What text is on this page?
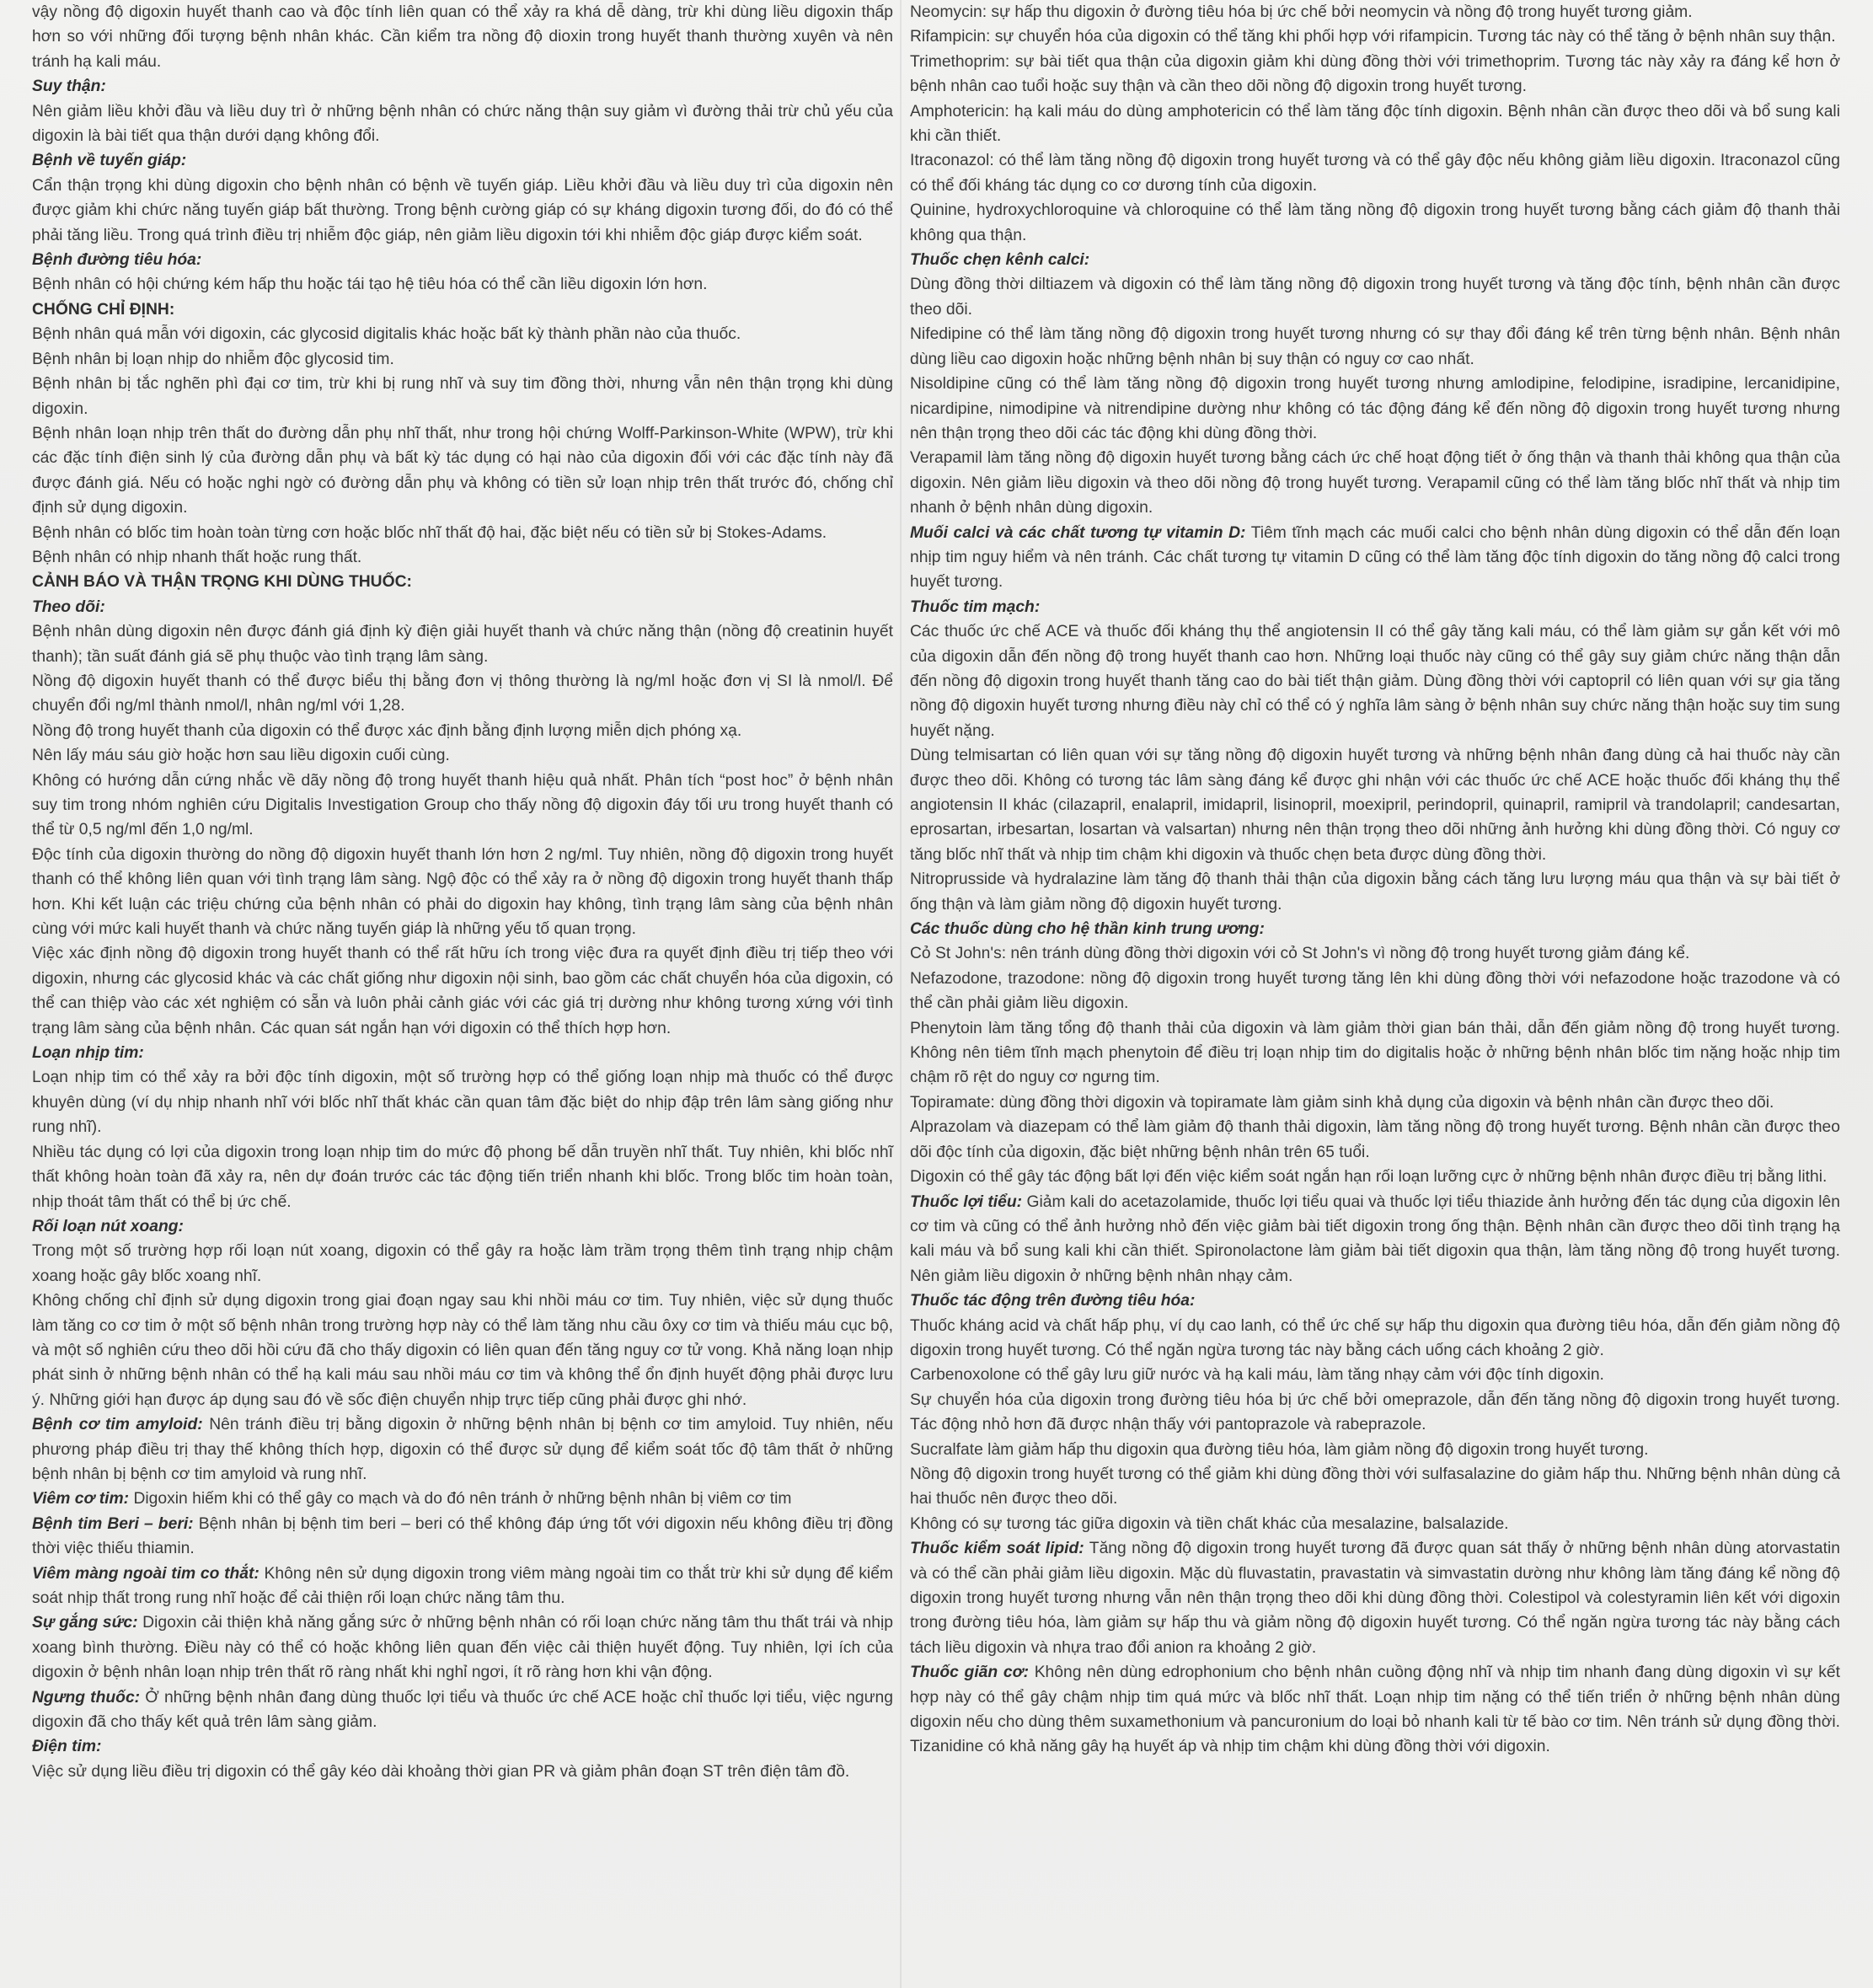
vậy nồng độ digoxin huyết thanh cao và độc tính liên quan có thể xảy ra khá dễ dàng, trừ khi dùng liều digoxin thấp hơn so với những đối tượng bệnh nhân khác. Cần kiểm tra nồng độ dioxin trong huyết thanh thường xuyên và nên tránh hạ kali máu.

Suy thận:

Nên giảm liều khởi đầu và liều duy trì ở những bệnh nhân có chức năng thận suy giảm vì đường thải trừ chủ yếu của digoxin là bài tiết qua thận dưới dạng không đổi.

Bệnh về tuyến giáp:

Cẩn thận trọng khi dùng digoxin cho bệnh nhân có bệnh về tuyến giáp. Liều khởi đầu và liều duy trì của digoxin nên được giảm khi chức năng tuyến giáp bất thường. Trong bệnh cường giáp có sự kháng digoxin tương đối, do đó có thể phải tăng liều. Trong quá trình điều trị nhiễm độc giáp, nên giảm liều digoxin tới khi nhiễm độc giáp được kiểm soát.

Bệnh đường tiêu hóa:

Bệnh nhân có hội chứng kém hấp thu hoặc tái tạo hệ tiêu hóa có thể cần liều digoxin lớn hơn.

CHỐNG CHỈ ĐỊNH:

Bệnh nhân quá mẫn với digoxin, các glycosid digitalis khác hoặc bất kỳ thành phần nào của thuốc.

Bệnh nhân bị loạn nhịp do nhiễm độc glycosid tim.

Bệnh nhân bị tắc nghẽn phì đại cơ tim, trừ khi bị rung nhĩ và suy tim đồng thời, nhưng vẫn nên thận trọng khi dùng digoxin.

Bệnh nhân loạn nhịp trên thất do đường dẫn phụ nhĩ thất, như trong hội chứng Wolff-Parkinson-White (WPW), trừ khi các đặc tính điện sinh lý của đường dẫn phụ và bất kỳ tác dụng có hại nào của digoxin đối với các đặc tính này đã được đánh giá. Nếu có hoặc nghi ngờ có đường dẫn phụ và không có tiền sử loạn nhịp trên thất trước đó, chống chỉ định sử dụng digoxin.

Bệnh nhân có blốc tim hoàn toàn từng cơn hoặc blốc nhĩ thất độ hai, đặc biệt nếu có tiền sử bị Stokes-Adams.

Bệnh nhân có nhịp nhanh thất hoặc rung thất.

CẢNH BÁO VÀ THẬN TRỌNG KHI DÙNG THUỐC:

Theo dõi:

Bệnh nhân dùng digoxin nên được đánh giá định kỳ điện giải huyết thanh và chức năng thận (nồng độ creatinin huyết thanh); tần suất đánh giá sẽ phụ thuộc vào tình trạng lâm sàng.

Nồng độ digoxin huyết thanh có thể được biểu thị bằng đơn vị thông thường là ng/ml hoặc đơn vị SI là nmol/l. Để chuyển đổi ng/ml thành nmol/l, nhân ng/ml với 1,28.

Nồng độ trong huyết thanh của digoxin có thể được xác định bằng định lượng miễn dịch phóng xạ.

Nên lấy máu sáu giờ hoặc hơn sau liều digoxin cuối cùng.

Không có hướng dẫn cứng nhắc về dãy nồng độ trong huyết thanh hiệu quả nhất. Phân tích “post hoc” ở bệnh nhân suy tim trong nhóm nghiên cứu Digitalis Investigation Group cho thấy nồng độ digoxin đáy tối ưu trong huyết thanh có thể từ 0,5 ng/ml đến 1,0 ng/ml.

Độc tính của digoxin thường do nồng độ digoxin huyết thanh lớn hơn 2 ng/ml. Tuy nhiên, nồng độ digoxin trong huyết thanh có thể không liên quan với tình trạng lâm sàng. Ngộ độc có thể xảy ra ở nồng độ digoxin trong huyết thanh thấp hơn. Khi kết luận các triệu chứng của bệnh nhân có phải do digoxin hay không, tình trạng lâm sàng của bệnh nhân cùng với mức kali huyết thanh và chức năng tuyến giáp là những yếu tố quan trọng.

Việc xác định nồng độ digoxin trong huyết thanh có thể rất hữu ích trong việc đưa ra quyết định điều trị tiếp theo với digoxin, nhưng các glycosid khác và các chất giống như digoxin nội sinh, bao gồm các chất chuyển hóa của digoxin, có thể can thiệp vào các xét nghiệm có sẵn và luôn phải cảnh giác với các giá trị dường như không tương xứng với tình trạng lâm sàng của bệnh nhân. Các quan sát ngắn hạn với digoxin có thể thích hợp hơn.

Loạn nhịp tim:

Loạn nhịp tim có thể xảy ra bởi độc tính digoxin, một số trường hợp có thể giống loạn nhịp mà thuốc có thể được khuyên dùng (ví dụ nhịp nhanh nhĩ với blốc nhĩ thất khác cần quan tâm đặc biệt do nhịp đập trên lâm sàng giống như rung nhĩ).

Nhiều tác dụng có lợi của digoxin trong loạn nhịp tim do mức độ phong bế dẫn truyền nhĩ thất. Tuy nhiên, khi blốc nhĩ thất không hoàn toàn đã xảy ra, nên dự đoán trước các tác động tiến triển nhanh khi blốc. Trong blốc tim hoàn toàn, nhịp thoát tâm thất có thể bị ức chế.

Rối loạn nút xoang:

Trong một số trường hợp rối loạn nút xoang, digoxin có thể gây ra hoặc làm trầm trọng thêm tình trạng nhịp chậm xoang hoặc gây blốc xoang nhĩ.

Không chống chỉ định sử dụng digoxin trong giai đoạn ngay sau khi nhồi máu cơ tim. Tuy nhiên, việc sử dụng thuốc làm tăng co cơ tim ở một số bệnh nhân trong trường hợp này có thể làm tăng nhu cầu ôxy cơ tim và thiếu máu cục bộ, và một số nghiên cứu theo dõi hồi cứu đã cho thấy digoxin có liên quan đến tăng nguy cơ tử vong. Khả năng loạn nhịp phát sinh ở những bệnh nhân có thể hạ kali máu sau nhồi máu cơ tim và không thể ổn định huyết động phải được lưu ý. Những giới hạn được áp dụng sau đó về sốc điện chuyển nhịp trực tiếp cũng phải được ghi nhớ.

Bệnh cơ tim amyloid: Nên tránh điều trị bằng digoxin ở những bệnh nhân bị bệnh cơ tim amyloid. Tuy nhiên, nếu phương pháp điều trị thay thế không thích hợp, digoxin có thể được sử dụng để kiểm soát tốc độ tâm thất ở những bệnh nhân bị bệnh cơ tim amyloid và rung nhĩ.

Viêm cơ tim: Digoxin hiếm khi có thể gây co mạch và do đó nên tránh ở những bệnh nhân bị viêm cơ tim

Bệnh tim Beri – beri: Bệnh nhân bị bệnh tim beri – beri có thể không đáp ứng tốt với digoxin nếu không điều trị đồng thời việc thiếu thiamin.

Viêm màng ngoài tim co thắt: Không nên sử dụng digoxin trong viêm màng ngoài tim co thắt trừ khi sử dụng để kiểm soát nhịp thất trong rung nhĩ hoặc để cải thiện rối loạn chức năng tâm thu.

Sự gắng sức: Digoxin cải thiện khả năng gắng sức ở những bệnh nhân có rối loạn chức năng tâm thu thất trái và nhịp xoang bình thường. Điều này có thể có hoặc không liên quan đến việc cải thiện huyết động. Tuy nhiên, lợi ích của digoxin ở bệnh nhân loạn nhịp trên thất rõ ràng nhất khi nghỉ ngơi, ít rõ ràng hơn khi vận động.

Ngưng thuốc: Ở những bệnh nhân đang dùng thuốc lợi tiểu và thuốc ức chế ACE hoặc chỉ thuốc lợi tiểu, việc ngưng digoxin đã cho thấy kết quả trên lâm sàng giảm.

Điện tim:

Việc sử dụng liều điều trị digoxin có thể gây kéo dài khoảng thời gian PR và giảm phân đoạn ST trên điện tâm đồ.

Neomycin: sự hấp thu digoxin ở đường tiêu hóa bị ức chế bởi neomycin và nồng độ trong huyết tương giảm.

Rifampicin: sự chuyển hóa của digoxin có thể tăng khi phối hợp với rifampicin. Tương tác này có thể tăng ở bệnh nhân suy thận.

Trimethoprim: sự bài tiết qua thận của digoxin giảm khi dùng đồng thời với trimethoprim. Tương tác này xảy ra đáng kể hơn ở bệnh nhân cao tuổi hoặc suy thận và cần theo dõi nồng độ digoxin trong huyết tương.

Amphotericin: hạ kali máu do dùng amphotericin có thể làm tăng độc tính digoxin. Bệnh nhân cần được theo dõi và bổ sung kali khi cần thiết.

Itraconazol: có thể làm tăng nồng độ digoxin trong huyết tương và có thể gây độc nếu không giảm liều digoxin. Itraconazol cũng có thể đối kháng tác dụng co cơ dương tính của digoxin.

Quinine, hydroxychloroquine và chloroquine có thể làm tăng nồng độ digoxin trong huyết tương bằng cách giảm độ thanh thải không qua thận.

Thuốc chẹn kênh calci:

Dùng đồng thời diltiazem và digoxin có thể làm tăng nồng độ digoxin trong huyết tương và tăng độc tính, bệnh nhân cần được theo dõi.

Nifedipine có thể làm tăng nồng độ digoxin trong huyết tương nhưng có sự thay đổi đáng kể trên từng bệnh nhân. Bệnh nhân dùng liều cao digoxin hoặc những bệnh nhân bị suy thận có nguy cơ cao nhất.

Nisoldipine cũng có thể làm tăng nồng độ digoxin trong huyết tương nhưng amlodipine, felodipine, isradipine, lercanidipine, nicardipine, nimodipine và nitrendipine dường như không có tác động đáng kể đến nồng độ digoxin trong huyết tương nhưng nên thận trọng theo dõi các tác động khi dùng đồng thời.

Verapamil làm tăng nồng độ digoxin huyết tương bằng cách ức chế hoạt động tiết ở ống thận và thanh thải không qua thận của digoxin. Nên giảm liều digoxin và theo dõi nồng độ trong huyết tương. Verapamil cũng có thể làm tăng blốc nhĩ thất và nhịp tim nhanh ở bệnh nhân dùng digoxin.

Muối calci và các chất tương tự vitamin D: Tiêm tĩnh mạch các muối calci cho bệnh nhân dùng digoxin có thể dẫn đến loạn nhịp tim nguy hiểm và nên tránh. Các chất tương tự vitamin D cũng có thể làm tăng độc tính digoxin do tăng nồng độ calci trong huyết tương.

Thuốc tim mạch:

Các thuốc ức chế ACE và thuốc đối kháng thụ thể angiotensin II có thể gây tăng kali máu, có thể làm giảm sự gắn kết với mô của digoxin dẫn đến nồng độ trong huyết thanh cao hơn. Những loại thuốc này cũng có thể gây suy giảm chức năng thận dẫn đến nồng độ digoxin trong huyết thanh tăng cao do bài tiết thận giảm. Dùng đồng thời với captopril có liên quan với sự gia tăng nồng độ digoxin huyết tương nhưng điều này chỉ có thể có ý nghĩa lâm sàng ở bệnh nhân suy chức năng thận hoặc suy tim sung huyết nặng.

Dùng telmisartan có liên quan với sự tăng nồng độ digoxin huyết tương và những bệnh nhân đang dùng cả hai thuốc này cần được theo dõi. Không có tương tác lâm sàng đáng kể được ghi nhận với các thuốc ức chế ACE hoặc thuốc đối kháng thụ thể angiotensin II khác (cilazapril, enalapril, imidapril, lisinopril, moexipril, perindopril, quinapril, ramipril và trandolapril; candesartan, eprosartan, irbesartan, losartan và valsartan) nhưng nên thận trọng theo dõi những ảnh hưởng khi dùng đồng thời. Có nguy cơ tăng blốc nhĩ thất và nhịp tim chậm khi digoxin và thuốc chẹn beta được dùng đồng thời.

Nitroprusside và hydralazine làm tăng độ thanh thải thận của digoxin bằng cách tăng lưu lượng máu qua thận và sự bài tiết ở ống thận và làm giảm nồng độ digoxin huyết tương.

Các thuốc dùng cho hệ thần kinh trung ương:

Cỏ St John's: nên tránh dùng đồng thời digoxin với cỏ St John's vì nồng độ trong huyết tương giảm đáng kể.

Nefazodone, trazodone: nồng độ digoxin trong huyết tương tăng lên khi dùng đồng thời với nefazodone hoặc trazodone và có thể cần phải giảm liều digoxin.

Phenytoin làm tăng tổng độ thanh thải của digoxin và làm giảm thời gian bán thải, dẫn đến giảm nồng độ trong huyết tương. Không nên tiêm tĩnh mạch phenytoin để điều trị loạn nhịp tim do digitalis hoặc ở những bệnh nhân blốc tim nặng hoặc nhịp tim chậm rõ rệt do nguy cơ ngưng tim.

Topiramate: dùng đồng thời digoxin và topiramate làm giảm sinh khả dụng của digoxin và bệnh nhân cần được theo dõi.

Alprazolam và diazepam có thể làm giảm độ thanh thải digoxin, làm tăng nồng độ trong huyết tương. Bệnh nhân cần được theo dõi độc tính của digoxin, đặc biệt những bệnh nhân trên 65 tuổi.

Digoxin có thể gây tác động bất lợi đến việc kiểm soát ngắn hạn rối loạn lưỡng cực ở những bệnh nhân được điều trị bằng lithi.

Thuốc lợi tiểu: Giảm kali do acetazolamide, thuốc lợi tiểu quai và thuốc lợi tiểu thiazide ảnh hưởng đến tác dụng của digoxin lên cơ tim và cũng có thể ảnh hưởng nhỏ đến việc giảm bài tiết digoxin trong ống thận. Bệnh nhân cần được theo dõi tình trạng hạ kali máu và bổ sung kali khi cần thiết. Spironolactone làm giảm bài tiết digoxin qua thận, làm tăng nồng độ trong huyết tương. Nên giảm liều digoxin ở những bệnh nhân nhạy cảm.

Thuốc tác động trên đường tiêu hóa:

Thuốc kháng acid và chất hấp phụ, ví dụ cao lanh, có thể ức chế sự hấp thu digoxin qua đường tiêu hóa, dẫn đến giảm nồng độ digoxin trong huyết tương. Có thể ngăn ngừa tương tác này bằng cách uống cách khoảng 2 giờ.

Carbenoxolone có thể gây lưu giữ nước và hạ kali máu, làm tăng nhạy cảm với độc tính digoxin.

Sự chuyển hóa của digoxin trong đường tiêu hóa bị ức chế bởi omeprazole, dẫn đến tăng nồng độ digoxin trong huyết tương. Tác động nhỏ hơn đã được nhận thấy với pantoprazole và rabeprazole.

Sucralfate làm giảm hấp thu digoxin qua đường tiêu hóa, làm giảm nồng độ digoxin trong huyết tương.

Nồng độ digoxin trong huyết tương có thể giảm khi dùng đồng thời với sulfasalazine do giảm hấp thu. Những bệnh nhân dùng cả hai thuốc nên được theo dõi.

Không có sự tương tác giữa digoxin và tiền chất khác của mesalazine, balsalazide.

Thuốc kiểm soát lipid: Tăng nồng độ digoxin trong huyết tương đã được quan sát thấy ở những bệnh nhân dùng atorvastatin và có thể cần phải giảm liều digoxin. Mặc dù fluvastatin, pravastatin và simvastatin dường như không làm tăng đáng kể nồng độ digoxin trong huyết tương nhưng vẫn nên thận trọng theo dõi khi dùng đồng thời. Colestipol và colestyramin liên kết với digoxin trong đường tiêu hóa, làm giảm sự hấp thu và giảm nồng độ digoxin huyết tương. Có thể ngăn ngừa tương tác này bằng cách tách liều digoxin và nhựa trao đổi anion ra khoảng 2 giờ.

Thuốc giãn cơ: Không nên dùng edrophonium cho bệnh nhân cuồng động nhĩ và nhịp tim nhanh đang dùng digoxin vì sự kết hợp này có thể gây chậm nhịp tim quá mức và blốc nhĩ thất. Loạn nhịp tim nặng có thể tiến triển ở những bệnh nhân dùng digoxin nếu cho dùng thêm suxamethonium và pancuronium do loại bỏ nhanh kali từ tế bào cơ tim. Nên tránh sử dụng đồng thời. Tizanidine có khả năng gây hạ huyết áp và nhịp tim chậm khi dùng đồng thời với digoxin.
